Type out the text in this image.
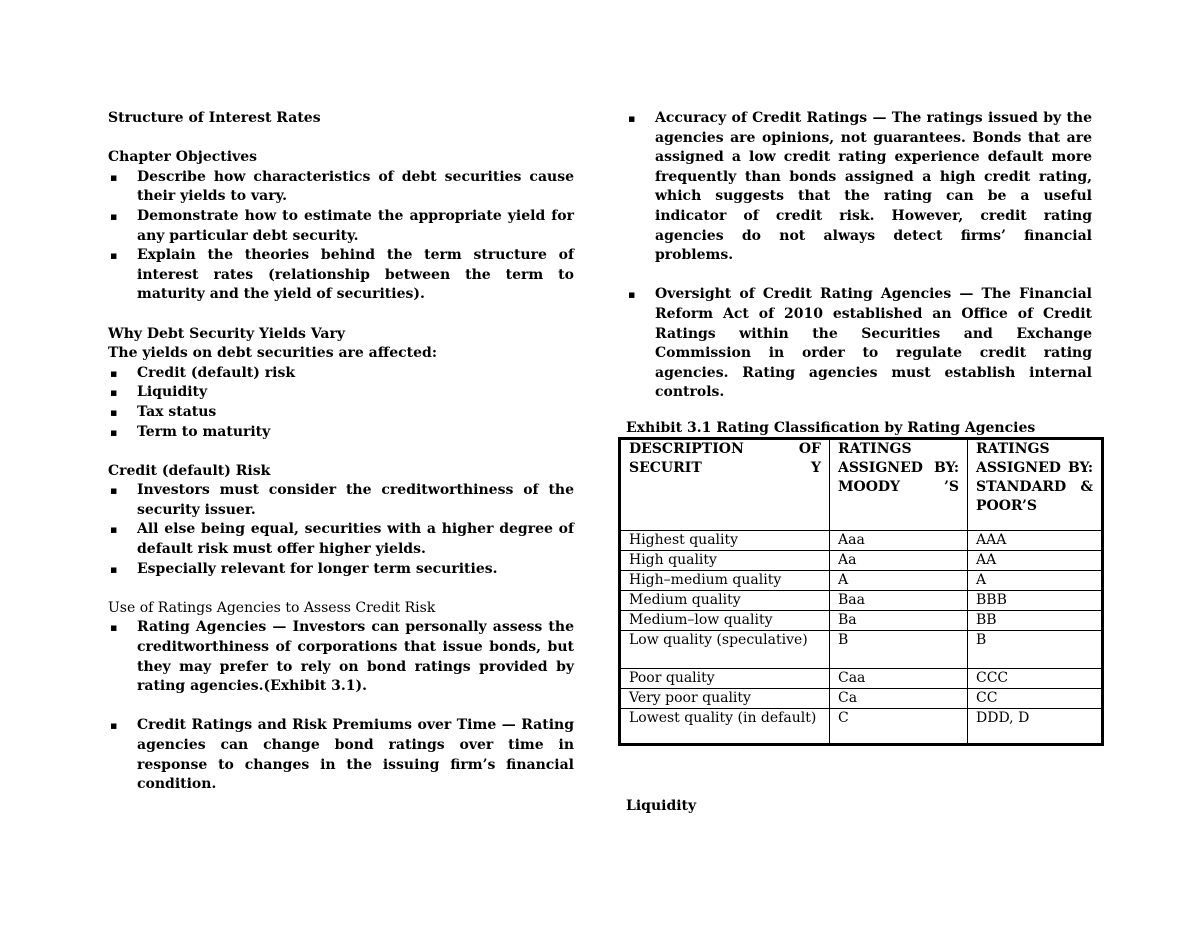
Structure of Interest Rates

Chapter Objectives

▪ Describe how characteristics of debt securities cause their yields to vary.
▪ Demonstrate how to estimate the appropriate yield for any particular debt security.
▪ Explain the theories behind the term structure of interest rates (relationship between the term to maturity and the yield of securities).
Why Debt Security Yields Vary

The yields on debt securities are affected:

▪ Credit (default) risk
▪ Liquidity
▪ Tax status
▪ Term to maturity
Credit (default) Risk
▪ Investors must consider the creditworthiness of the security issuer.
▪ All else being equal, securities with a higher degree of default risk must offer higher yields.
▪ Especially relevant for longer term securities.

Use of Ratings Agencies to Assess Credit Risk

▪ Rating Agencies — Investors can personally assess the creditworthiness of corporations that issue bonds, but they may prefer to rely on bond ratings provided by rating agencies.(Exhibit 3.1).
▪ Credit Ratings and Risk Premiums over Time — Rating agencies can change bond ratings over time in response to changes in the issuing firm’s financial condition.
▪ Accuracy of Credit Ratings — The ratings issued by the agencies are opinions, not guarantees. Bonds that are assigned a low credit rating experience default more frequently than bonds assigned a high credit rating, which suggests that the rating can be a useful indicator of credit risk. However, credit rating agencies do not always detect firms’ financial problems.
▪ Oversight of Credit Rating Agencies — The Financial Reform Act of 2010 established an Office of Credit Ratings within the Securities and Exchange Commission in order to regulate credit rating agencies. Rating agencies must establish internal controls.

Exhibit 3.1 Rating Classification by Rating Agencies

DESCRIPTION OF SECURIT Y	RATINGS ASSIGNED BY: MOODY ’S	RATINGS ASSIGNED BY: STANDARD & POOR’S
Highest quality	Aaa	AAA
High quality	Aa	AA
High–medium quality	A	A
Medium quality	Baa	BBB
Medium–low quality	Ba	BB
Low quality (speculative)	B	B
Poor quality	Caa	CCC
Very poor quality	Ca	CC
Lowest quality (in default)	C	DDD, D
Liquidity
